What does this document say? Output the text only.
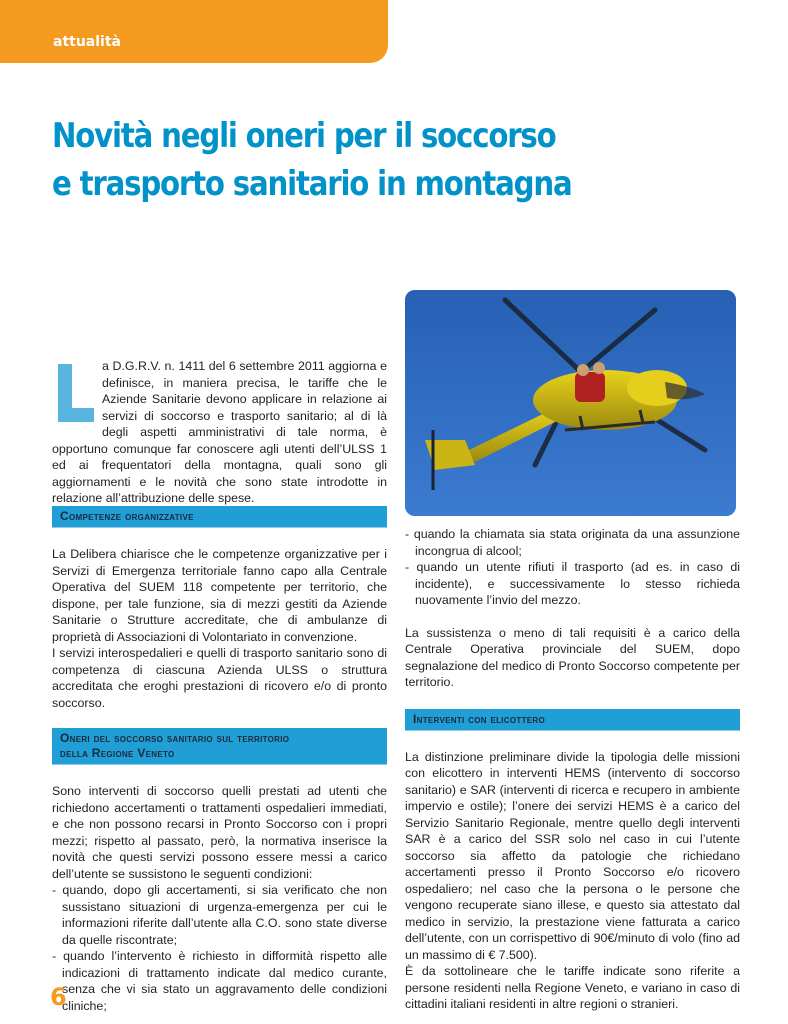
attualità
Novità negli oneri per il soccorso
e trasporto sanitario in montagna
a D.G.R.V. n. 1411 del 6 settembre 2011 aggiorna e definisce, in maniera precisa, le tariffe che le Aziende Sanitarie devono applicare in relazione ai servizi di soccorso e trasporto sanitario; al di là degli aspetti amministrativi di tale norma, è opportuno comunque far conoscere agli utenti dell’ULSS 1 ed ai frequentatori della montagna, quali sono gli aggiornamenti e le novità che sono state introdotte in relazione all’attribuzione delle spese.
Competenze organizzative

La Delibera chiarisce che le competenze organizzative per i Servizi di Emergenza territoriale fanno capo alla Centrale Operativa del SUEM 118 competente per territorio, che dispone, per tale funzione, sia di mezzi gestiti da Aziende Sanitarie o Strutture accreditate, che di ambulanze di proprietà di Associazioni di Volontariato in convenzione.

I servizi interospedalieri e quelli di trasporto sanitario sono di competenza di ciascuna Azienda ULSS o struttura accreditata che eroghi prestazioni di ricovero e/o di pronto soccorso.

Oneri del soccorso sanitario sul territorio
della Regione Veneto

Sono interventi di soccorso quelli prestati ad utenti che richiedono accertamenti o trattamenti ospedalieri immediati, e che non possono recarsi in Pronto Soccorso con i propri mezzi; rispetto al passato, però, la normativa inserisce la novità che questi servizi possono essere messi a carico dell’utente se sussistono le seguenti condizioni:

- quando, dopo gli accertamenti, si sia verificato che non sussistano situazioni di urgenza-emergenza per cui le informazioni riferite dall’utente alla C.O. sono state diverse da quelle riscontrate;

- quando l’intervento è richiesto in difformità rispetto alle indicazioni di trattamento indicate dal medico curante, senza che vi sia stato un aggravamento delle condizioni cliniche;

- quando la chiamata sia stata originata da una assunzione incongrua di alcool;

- quando un utente rifiuti il trasporto (ad es. in caso di incidente), e successivamente lo stesso richieda nuovamente l’invio del mezzo.

La sussistenza o meno di tali requisiti è a carico della Centrale Operativa provinciale del SUEM, dopo segnalazione del medico di Pronto Soccorso competente per territorio.

Interventi con elicottero

La distinzione preliminare divide la tipologia delle missioni con elicottero in interventi HEMS (intervento di soccorso sanitario) e SAR (interventi di ricerca e recupero in ambiente impervio e ostile); l’onere dei servizi HEMS è a carico del Servizio Sanitario Regionale, mentre quello degli interventi SAR è a carico del SSR solo nel caso in cui l’utente soccorso sia affetto da patologie che richiedano accertamenti presso il Pronto Soccorso e/o ricovero ospedaliero; nel caso che la persona o le persone che vengono recuperate siano illese, e questo sia attestato dal medico in servizio, la prestazione viene fatturata a carico dell’utente, con un corrispettivo di 90€/minuto di volo (fino ad un massimo di € 7.500).

È da sottolineare che le tariffe indicate sono riferite a persone residenti nella Regione Veneto, e variano in caso di cittadini italiani residenti in altre regioni o stranieri.

6
